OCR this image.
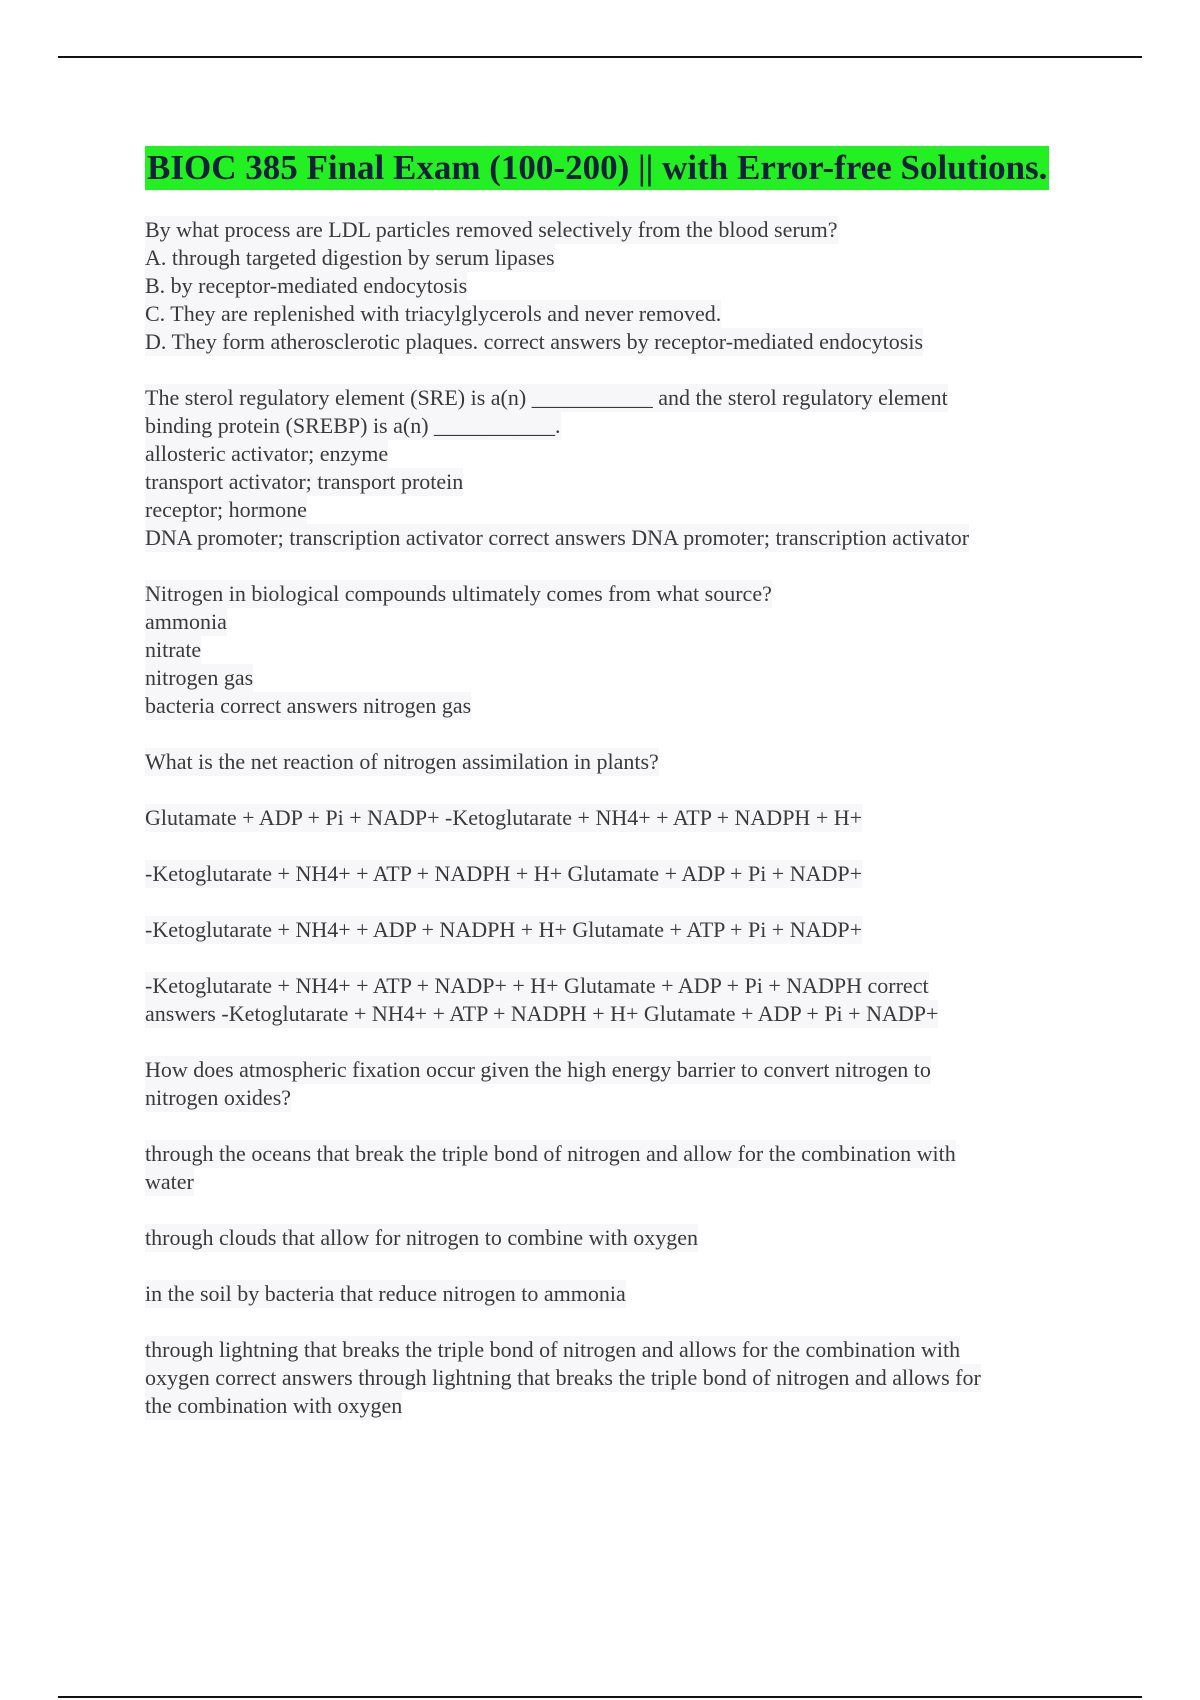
BIOC 385 Final Exam (100-200) || with Error-free Solutions.
By what process are LDL particles removed selectively from the blood serum?
A. through targeted digestion by serum lipases
B. by receptor-mediated endocytosis
C. They are replenished with triacylglycerols and never removed.
D. They form atherosclerotic plaques. correct answers by receptor-mediated endocytosis
The sterol regulatory element (SRE) is a(n) ___________ and the sterol regulatory element
binding protein (SREBP) is a(n) ___________.
allosteric activator; enzyme
transport activator; transport protein
receptor; hormone
DNA promoter; transcription activator correct answers DNA promoter; transcription activator
Nitrogen in biological compounds ultimately comes from what source?
ammonia
nitrate
nitrogen gas
bacteria correct answers nitrogen gas
What is the net reaction of nitrogen assimilation in plants?
Glutamate + ADP + Pi + NADP+ -Ketoglutarate + NH4+ + ATP + NADPH + H+
-Ketoglutarate + NH4+ + ATP + NADPH + H+ Glutamate + ADP + Pi + NADP+
-Ketoglutarate + NH4+ + ADP + NADPH + H+ Glutamate + ATP + Pi + NADP+
-Ketoglutarate + NH4+ + ATP + NADP+ + H+ Glutamate + ADP + Pi + NADPH correct
answers -Ketoglutarate + NH4+ + ATP + NADPH + H+ Glutamate + ADP + Pi + NADP+
How does atmospheric fixation occur given the high energy barrier to convert nitrogen to
nitrogen oxides?
through the oceans that break the triple bond of nitrogen and allow for the combination with
water
through clouds that allow for nitrogen to combine with oxygen
in the soil by bacteria that reduce nitrogen to ammonia
through lightning that breaks the triple bond of nitrogen and allows for the combination with
oxygen correct answers through lightning that breaks the triple bond of nitrogen and allows for
the combination with oxygen
